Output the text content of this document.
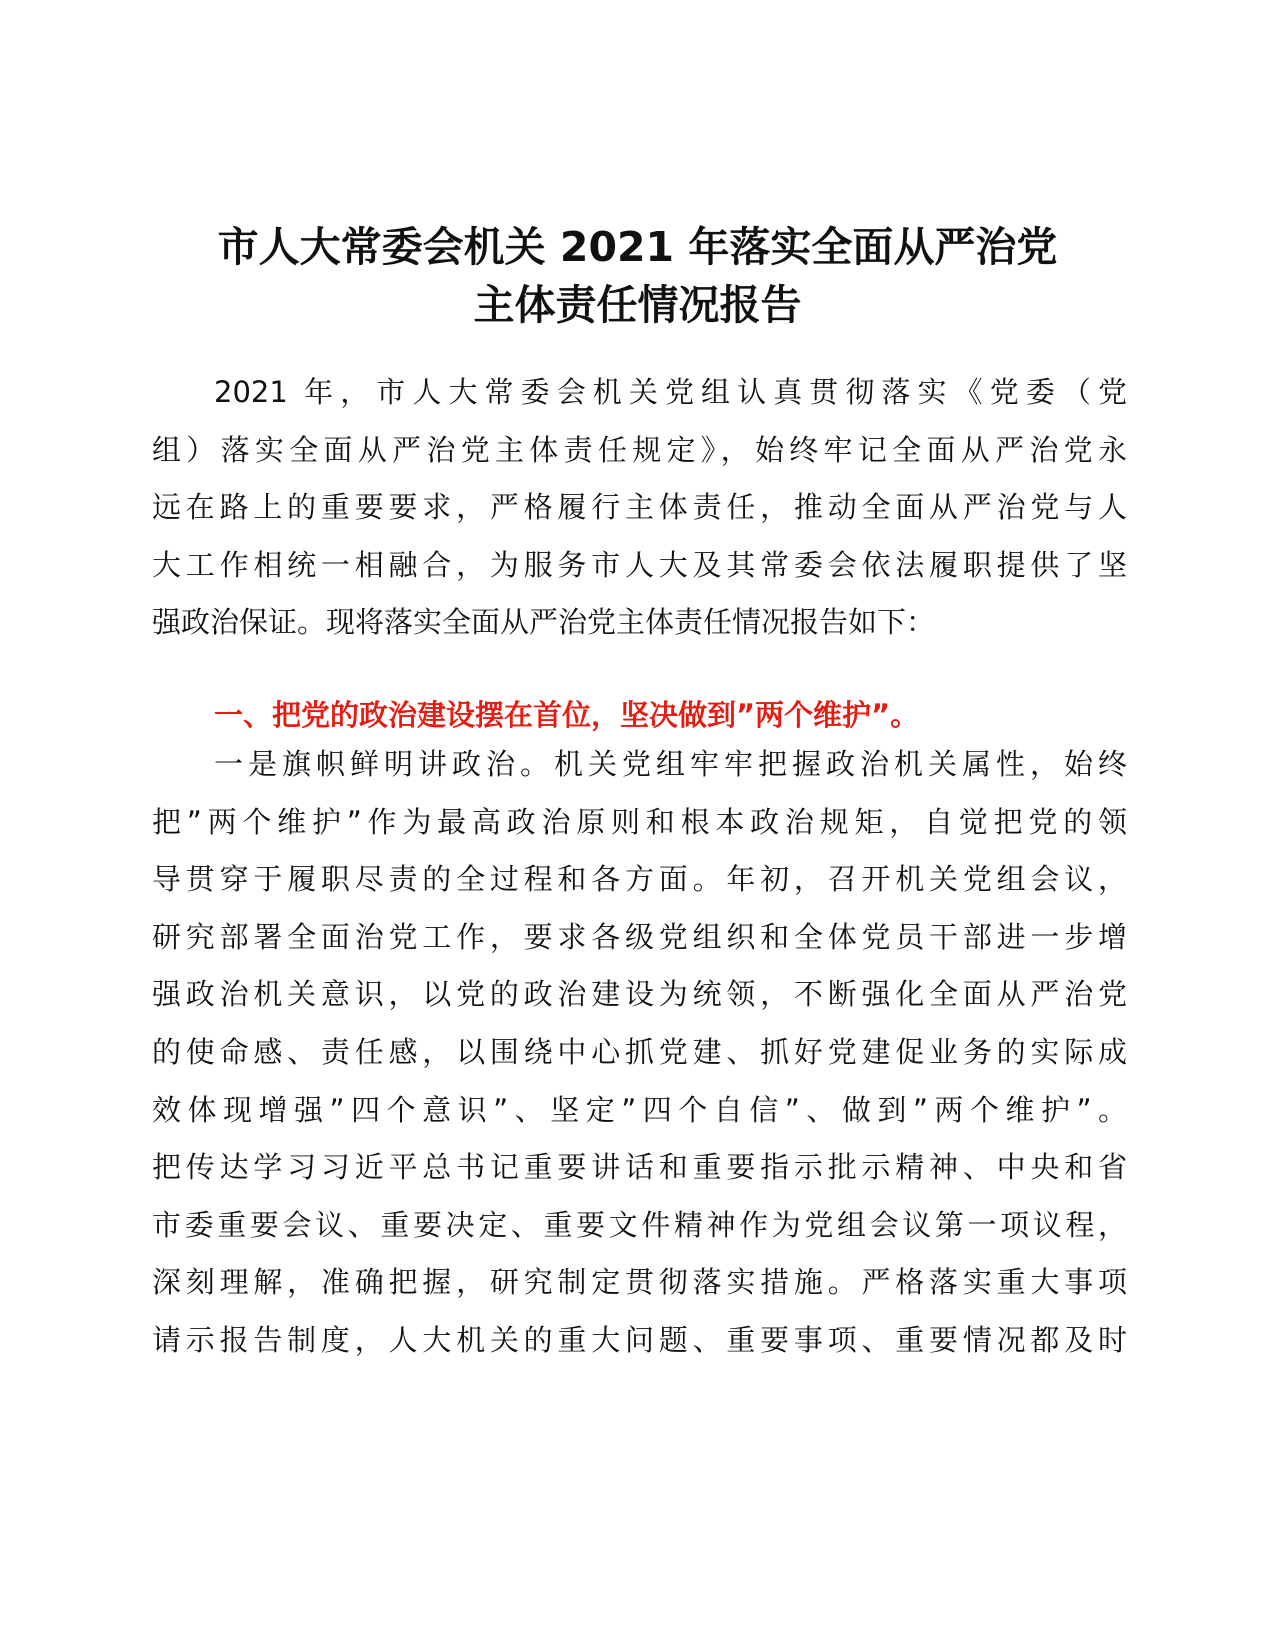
市人大常委会机关 2021 年落实全面从严治党
主体责任情况报告
2021 年，市人大常委会机关党组认真贯彻落实《党委（党
组）落实全面从严治党主体责任规定》，始终牢记全面从严治党永
远在路上的重要要求，严格履行主体责任，推动全面从严治党与人
大工作相统一相融合，为服务市人大及其常委会依法履职提供了坚
强政治保证。现将落实全面从严治党主体责任情况报告如下：
一、把党的政治建设摆在首位，坚决做到”两个维护”。
一是旗帜鲜明讲政治。机关党组牢牢把握政治机关属性，始终
把”两个维护”作为最高政治原则和根本政治规矩，自觉把党的领
导贯穿于履职尽责的全过程和各方面。年初，召开机关党组会议，
研究部署全面治党工作，要求各级党组织和全体党员干部进一步增
强政治机关意识，以党的政治建设为统领，不断强化全面从严治党
的使命感、责任感，以围绕中心抓党建、抓好党建促业务的实际成
效体现增强”四个意识”、坚定”四个自信”、做到”两个维护”。
把传达学习习近平总书记重要讲话和重要指示批示精神、中央和省
市委重要会议、重要决定、重要文件精神作为党组会议第一项议程，
深刻理解，准确把握，研究制定贯彻落实措施。严格落实重大事项
请示报告制度，人大机关的重大问题、重要事项、重要情况都及时
